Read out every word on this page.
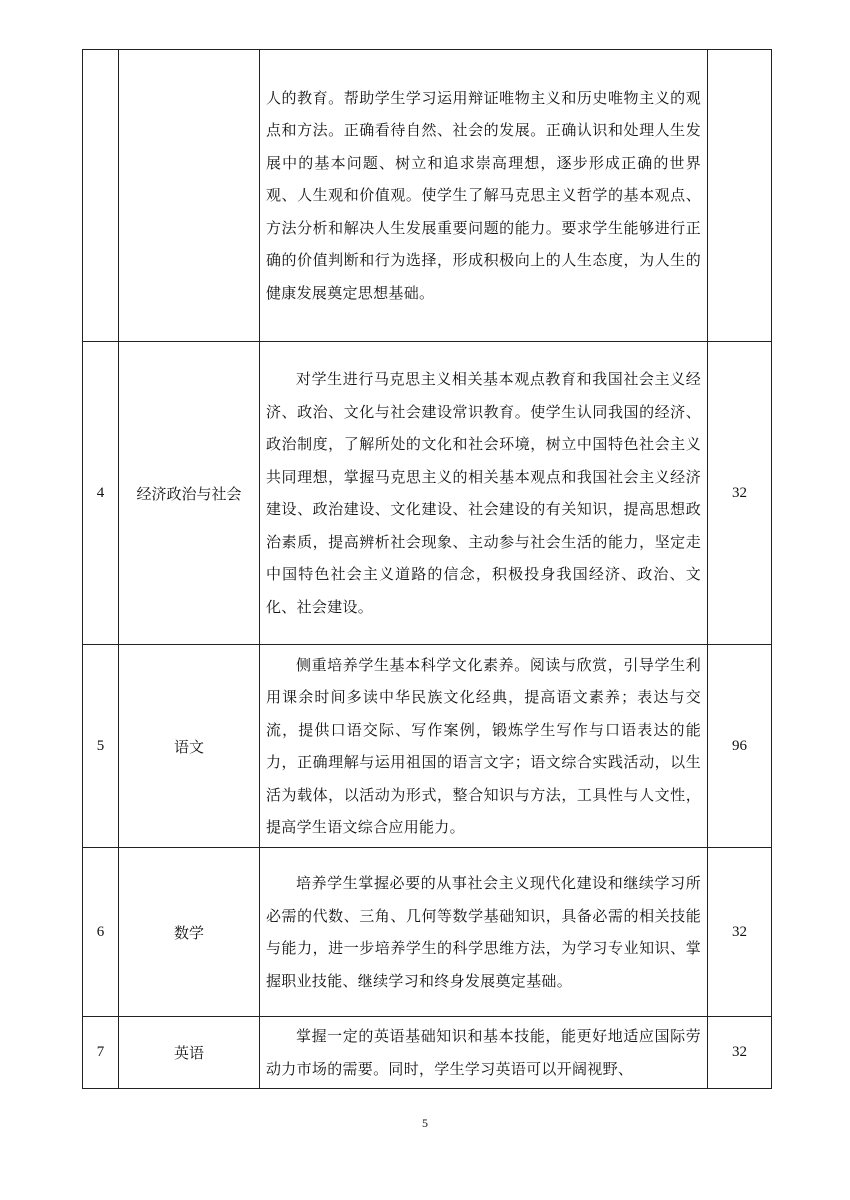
		人的教育。帮助学生学习运用辩证唯物主义和历史唯物主义的观点和方法。正确看待自然、社会的发展。正确认识和处理人生发展中的基本问题、树立和追求崇高理想，逐步形成正确的世界观、人生观和价值观。使学生了解马克思主义哲学的基本观点、方法分析和解决人生发展重要问题的能力。要求学生能够进行正确的价值判断和行为选择，形成积极向上的人生态度，为人生的健康发展奠定思想基础。	

4	经济政治与社会	对学生进行马克思主义相关基本观点教育和我国社会主义经济、政治、文化与社会建设常识教育。使学生认同我国的经济、政治制度，了解所处的文化和社会环境，树立中国特色社会主义共同理想，掌握马克思主义的相关基本观点和我国社会主义经济建设、政治建设、文化建设、社会建设的有关知识，提高思想政治素质，提高辨析社会现象、主动参与社会生活的能力，坚定走中国特色社会主义道路的信念，积极投身我国经济、政治、文化、社会建设。	32
5	语文	侧重培养学生基本科学文化素养。阅读与欣赏，引导学生利用课余时间多读中华民族文化经典，提高语文素养；表达与交流，提供口语交际、写作案例，锻炼学生写作与口语表达的能力，正确理解与运用祖国的语言文字；语文综合实践活动，以生活为载体，以活动为形式，整合知识与方法，工具性与人文性，提高学生语文综合应用能力。	96
6	数学	培养学生掌握必要的从事社会主义现代化建设和继续学习所必需的代数、三角、几何等数学基础知识，具备必需的相关技能与能力，进一步培养学生的科学思维方法，为学习专业知识、掌握职业技能、继续学习和终身发展奠定基础。	32
7	英语	掌握一定的英语基础知识和基本技能，能更好地适应国际劳动力市场的需要。同时，学生学习英语可以开阔视野、	32
5
